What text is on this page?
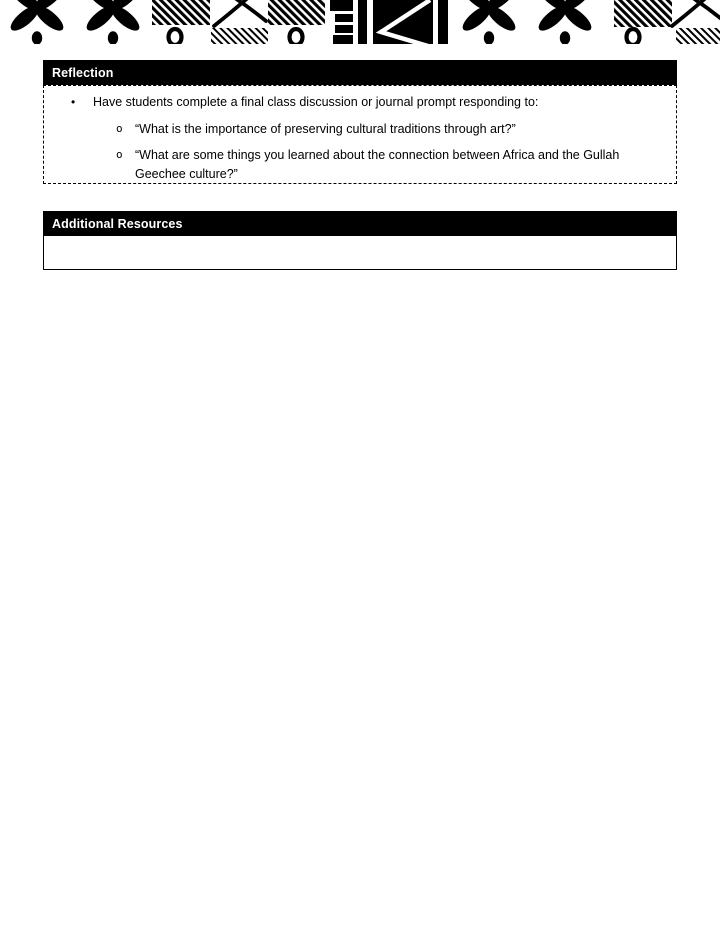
Reflection
•	Have students complete a final class discussion or journal prompt responding to:
o “What is the importance of preserving cultural traditions through art?”
o “What are some things you learned about the connection between Africa and the Gullah Geechee culture?”
Additional Resources
